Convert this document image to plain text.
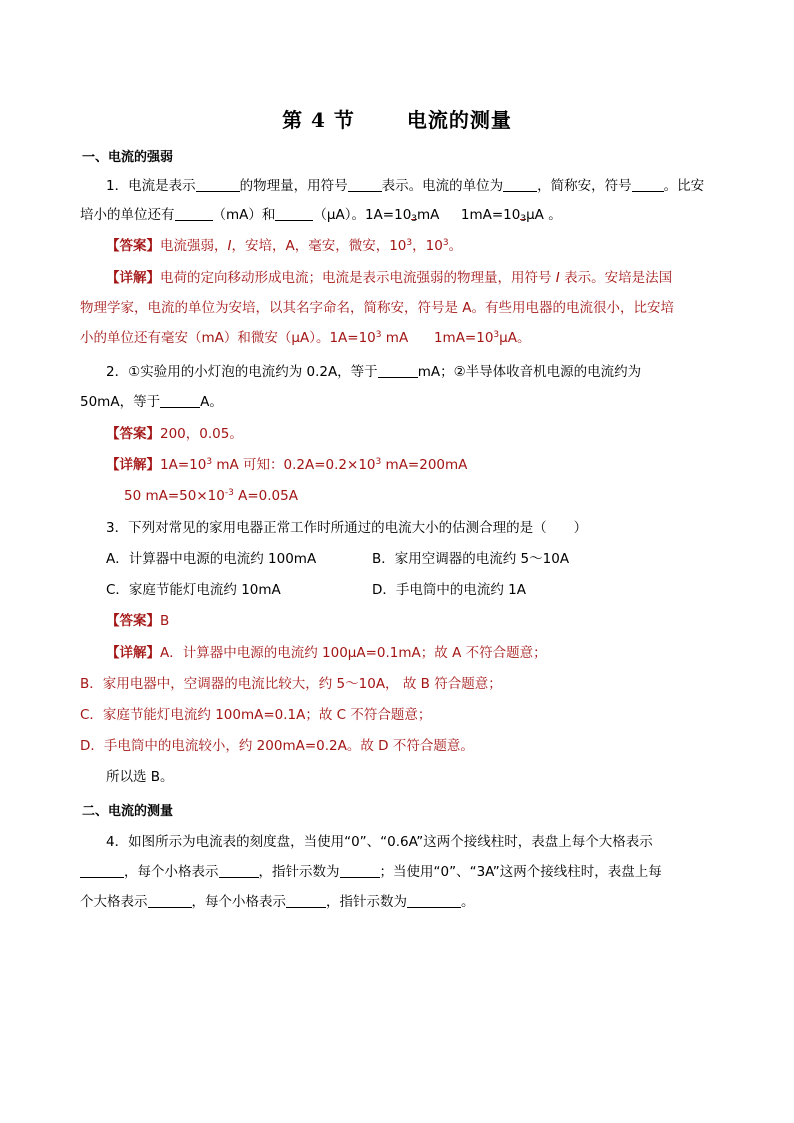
第 4 节	电流的测量
一、电流的强弱
1．电流是表示	的物理量，用符号	表示。电流的单位为	，简称安，符号 。比安
培小的单位还有	（mA）和	（μA）。$1A=10^3mA$ $1mA=10^3\mu A$ 。
【答案】电流强弱，I，安培，A，毫安，微安，$10^3$，$10^3$。
【详解】电荷的定向移动形成电流；电流是表示电流强弱的物理量，用符号 I 表示。安培是法国
物理学家，电流的单位为安培，以其名字命名，简称安，符号是 A。有些用电器的电流很小，比安培
小的单位还有毫安（mA）和微安（μA）。$1A=10^3$ mA $1mA=10^3\mu A$。
2．①实验用的小灯泡的电流约为 0.2A，等于	mA；②半导体收音机电源的电流约为
50mA，等于	A。
【答案】200，0.05。
【详解】$1A=10^3$ mA 可知：$0.2A=0.2\times 10^3$ mA=200mA
50 $mA=50\times 10^{-3}$ A=0.05A
3．下列对常见的家用电器正常工作时所通过的电流大小的估测合理的是（　　）
A．计算器中电源的电流约 100mA	B．家用空调器的电流约 5～10A
C．家庭节能灯电流约 10mA	D．手电筒中的电流约 1A
【答案】B
【详解】A．计算器中电源的电流约 100μA=0.1mA；故 A 不符合题意；
B．家用电器中，空调器的电流比较大，约 5～10A， 故 B 符合题意；
C．家庭节能灯电流约 100mA=0.1A；故 C 不符合题意；
D．手电筒中的电流较小，约 200mA=0.2A。故 D 不符合题意。
所以选 B。
二、电流的测量
4．如图所示为电流表的刻度盘，当使用“0”、“0.6A”这两个接线柱时，表盘上每个大格表示
，每个小格表示	，指针示数为	；当使用“0”、“3A”这两个接线柱时，表盘上每
个大格表示	，每个小格表示	，指针示数为	。
